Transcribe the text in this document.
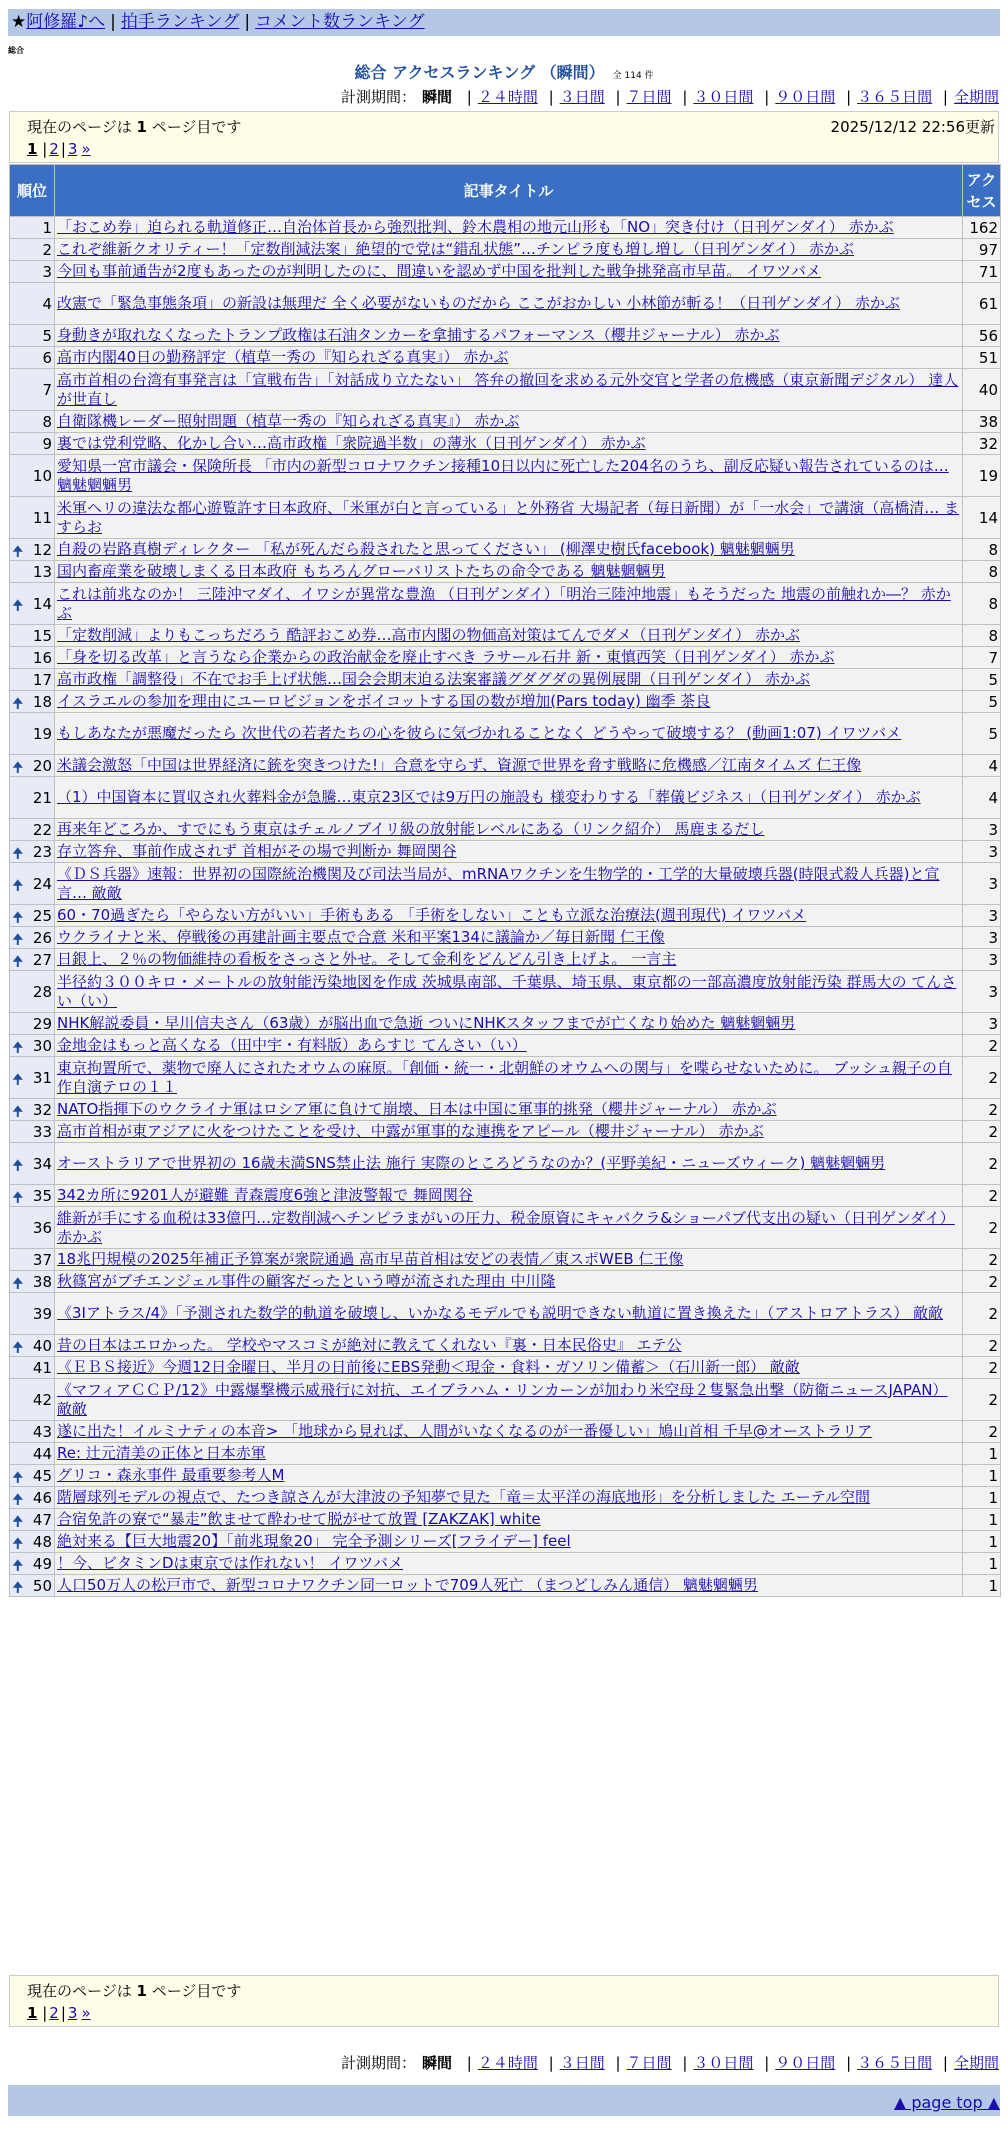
★阿修羅♪へ | 拍手ランキング | コメント数ランキング
総合
総合 アクセスランキング （瞬間） 全 114 件
計測期間： 瞬間 | ２４時間 | ３日間 | ７日間 | ３０日間 | ９０日間 | ３６５日間 | 全期間
現在のページは 1 ページ目です	2025/12/12 22:56更新
1 | 2 | 3 »
順位	記事タイトル	アクセス
1	「おこめ券」迫られる軌道修正…自治体首長から強烈批判、鈴木農相の地元山形も「NO」突き付け（日刊ゲンダイ） 赤かぶ	162
2	これぞ維新クオリティー！「定数削減法案」絶望的で党は“錯乱状態”…チンピラ度も増し増し（日刊ゲンダイ） 赤かぶ	97
3	今回も事前通告が2度もあったのが判明したのに、間違いを認めず中国を批判した戦争挑発高市早苗。 イワツバメ	71
4	改憲で「緊急事態条項」の新設は無理だ 全く必要がないものだから ここがおかしい 小林節が斬る！（日刊ゲンダイ） 赤かぶ	61
5	身動きが取れなくなったトランプ政権は石油タンカーを拿捕するパフォーマンス（櫻井ジャーナル） 赤かぶ	56
6	高市内閣40日の勤務評定（植草一秀の『知られざる真実』） 赤かぶ	51
7	高市首相の台湾有事発言は「宣戦布告」「対話成り立たない」 答弁の撤回を求める元外交官と学者の危機感（東京新聞デジタル） 達人が世直し	40
8	自衛隊機レーダー照射問題（植草一秀の『知られざる真実』） 赤かぶ	38
9	裏では党利党略、化かし合い…高市政権「衆院過半数」の薄氷（日刊ゲンダイ） 赤かぶ	32
10	愛知県一宮市議会・保険所長 「市内の新型コロナワクチン接種10日以内に死亡した204名のうち、副反応疑い報告されているのは… 魑魅魍魎男	19
11	米軍ヘリの違法な都心遊覧許す日本政府、「米軍が白と言っている」と外務省 大場記者（毎日新聞）が「一水会」で講演（高橋清… ますらお	14

🠉 12	自殺の岩路真樹ディレクター 「私が死んだら殺されたと思ってください」 (柳澤史樹氏facebook) 魑魅魍魎男	8
13	国内畜産業を破壊しまくる日本政府 もちろんグローバリストたちの命令である 魑魅魍魎男	8

🠉 14	これは前兆なのか！ 三陸沖マダイ、イワシが異常な豊漁 （日刊ゲンダイ）「明治三陸沖地震」もそうだった 地震の前触れか―？ 赤かぶ	8
15	「定数削減」よりもこっちだろう 酷評おこめ券…高市内閣の物価高対策はてんでダメ（日刊ゲンダイ） 赤かぶ	8
16	「身を切る改革」と言うなら企業からの政治献金を廃止すべき ラサール石井 新・東慎西笑（日刊ゲンダイ） 赤かぶ	7
17	高市政権「調整役」不在でお手上げ状態…国会会期末迫る法案審議グダグダの異例展開（日刊ゲンダイ） 赤かぶ	5

🠉 18	イスラエルの参加を理由にユーロビジョンをボイコットする国の数が増加(Pars today) 幽季 茶良	5
19	もしあなたが悪魔だったら 次世代の若者たちの心を彼らに気づかれることなく どうやって破壊する？ (動画1:07) イワツバメ	5

🠉 20	米議会激怒「中国は世界経済に銃を突きつけた!」合意を守らず、資源で世界を脅す戦略に危機感／江南タイムズ 仁王像	4
21	（1）中国資本に買収され火葬料金が急騰…東京23区では9万円の施設も 様変わりする「葬儀ビジネス」（日刊ゲンダイ） 赤かぶ	4
22	再来年どころか、すでにもう東京はチェルノブイリ級の放射能レベルにある（リンク紹介） 馬鹿まるだし	3

🠉 23	存立答弁、事前作成されず 首相がその場で判断か 舞岡関谷	3

🠉 24	《ＤＳ兵器》速報：世界初の国際統治機関及び司法当局が、mRNAワクチンを生物学的・工学的大量破壊兵器(時限式殺人兵器)と宣言… 敵敵	3

🠉 25	60・70過ぎたら「やらない方がいい」手術もある 「手術をしない」ことも立派な治療法(週刊現代) イワツバメ	3

🠉 26	ウクライナと米、停戦後の再建計画主要点で合意 米和平案134に議論か／毎日新聞 仁王像	3

🠉 27	日銀上、２％の物価維持の看板をさっさと外せ。そして金利をどんどん引き上げよ。 一言主	3
28	半径約３００キロ・メートルの放射能汚染地図を作成 茨城県南部、千葉県、埼玉県、東京都の一部高濃度放射能汚染 群馬大の てんさい（い）	3
29	NHK解説委員・早川信夫さん（63歳）が脳出血で急逝 ついにNHKスタッフまでが亡くなり始めた 魑魅魍魎男	3

🠉 30	金地金はもっと高くなる（田中宇・有料版）あらすじ てんさい（い）	2

🠉 31	東京拘置所で、薬物で廃人にされたオウムの麻原。「創価・統一・北朝鮮のオウムへの関与」を喋らせないために。 ブッシュ親子の自作自演テロの１１	2

🠉 32	NATO指揮下のウクライナ軍はロシア軍に負けて崩壊、日本は中国に軍事的挑発（櫻井ジャーナル） 赤かぶ	2
33	高市首相が東アジアに火をつけたことを受け、中露が軍事的な連携をアピール（櫻井ジャーナル） 赤かぶ	2

🠉 34	オーストラリアで世界初の 16歳未満SNS禁止法 施行 実際のところどうなのか？(平野美紀・ニューズウィーク) 魑魅魍魎男	2

🠉 35	342カ所に9201人が避難 青森震度6強と津波警報で 舞岡関谷	2
36	維新が手にする血税は33億円…定数削減へチンピラまがいの圧力、税金原資にキャバクラ&ショーパブ代支出の疑い（日刊ゲンダイ） 赤かぶ	2
37	18兆円規模の2025年補正予算案が衆院通過 高市早苗首相は安どの表情／東スポWEB 仁王像	2

🠉 38	秋篠宮がブチエンジェル事件の顧客だったという噂が流された理由 中川隆	2
39	《3Iアトラス/4》「予測された数学的軌道を破壊し、いかなるモデルでも説明できない軌道に置き換えた」（アストロアトラス） 敵敵	2

🠉 40	昔の日本はエロかった。 学校やマスコミが絶対に教えてくれない『裏・日本民俗史』 エテ公	2
41	《ＥＢＳ接近》今週12日金曜日、半月の日前後にEBS発動＜現金・食料・ガソリン備蓄＞（石川新一郎） 敵敵	2
42	《マフィアＣＣＰ/12》中露爆撃機示威飛行に対抗、エイブラハム・リンカーンが加わり米空母２隻緊急出撃（防衛ニュースJAPAN） 敵敵	2
43	遂に出た！イルミナティの本音> 「地球から見れば、人間がいなくなるのが一番優しい」鳩山首相 千早@オーストラリア	2
44	Re: 辻元清美の正体と日本赤軍	1

🠉 45	グリコ・森永事件 最重要参考人M	1

🠉 46	階層球列モデルの視点で、たつき諒さんが大津波の予知夢で見た「竜＝太平洋の海底地形」を分析しました エーテル空間	1

🠉 47	合宿免許の寮で“暴走”飲ませて酔わせて脱がせて放置 [ZAKZAK] white	1

🠉 48	絶対来る【巨大地震20】「前兆現象20」 完全予測シリーズ[フライデー] feel	1

🠉 49	！今、ビタミンDは東京では作れない！ イワツバメ	1

🠉 50	人口50万人の松戸市で、新型コロナワクチン同一ロットで709人死亡 （まつどしみん通信） 魑魅魍魎男	1
現在のページは 1 ページ目です
1 | 2 | 3 »
計測期間： 瞬間 | ２４時間 | ３日間 | ７日間 | ３０日間 | ９０日間 | ３６５日間 | 全期間
▲ page top ▲
